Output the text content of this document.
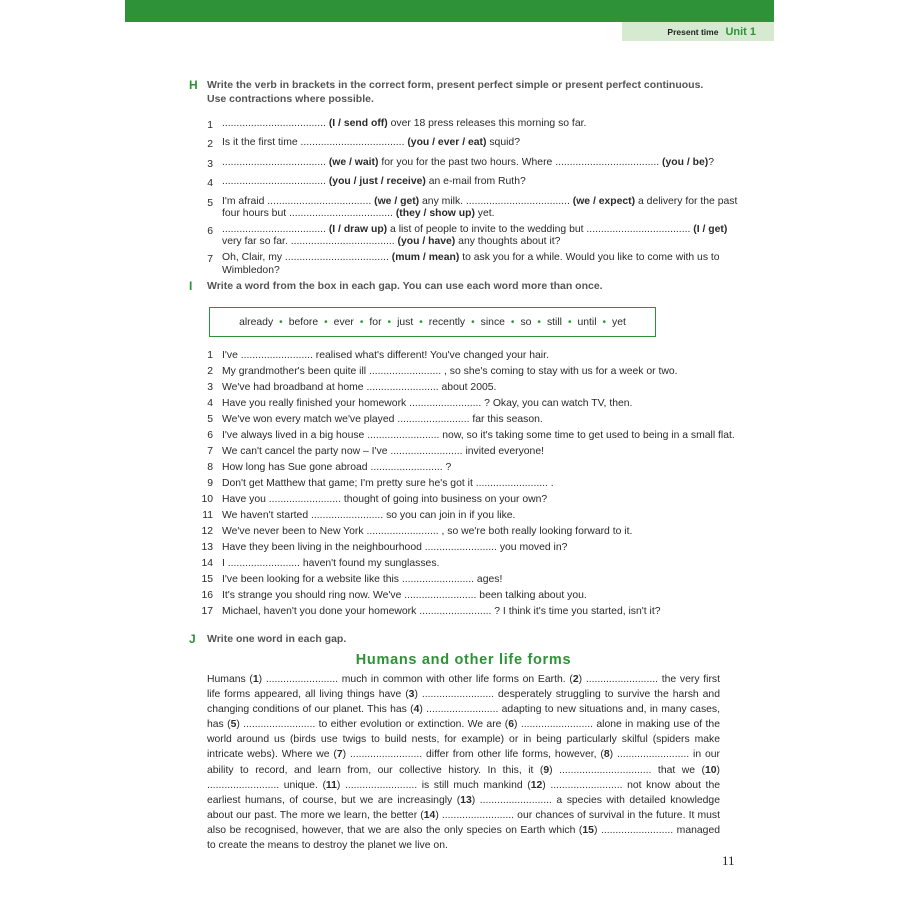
Present time Unit 1
H Write the verb in brackets in the correct form, present perfect simple or present perfect continuous. Use contractions where possible.
1 .................................... (I / send off) over 18 press releases this morning so far.
2 Is it the first time .................................... (you / ever / eat) squid?
3 .................................... (we / wait) for you for the past two hours. Where .................................... (you / be)?
4 .................................... (you / just / receive) an e-mail from Ruth?
5 I'm afraid .................................... (we / get) any milk. .................................... (we / expect) a delivery for the past four hours but .................................... (they / show up) yet.
6 .................................... (I / draw up) a list of people to invite to the wedding but .................................... (I / get) very far so far. .................................... (you / have) any thoughts about it?
7 Oh, Clair, my .................................... (mum / mean) to ask you for a while. Would you like to come with us to Wimbledon?
I Write a word from the box in each gap. You can use each word more than once.
already • before • ever • for • just • recently • since • so • still • until • yet
1 I've ......................... realised what's different! You've changed your hair.
2 My grandmother's been quite ill ......................... , so she's coming to stay with us for a week or two.
3 We've had broadband at home ......................... about 2005.
4 Have you really finished your homework ......................... ? Okay, you can watch TV, then.
5 We've won every match we've played ......................... far this season.
6 I've always lived in a big house ......................... now, so it's taking some time to get used to being in a small flat.
7 We can't cancel the party now – I've ......................... invited everyone!
8 How long has Sue gone abroad ......................... ?
9 Don't get Matthew that game; I'm pretty sure he's got it ......................... .
10 Have you ......................... thought of going into business on your own?
11 We haven't started ......................... so you can join in if you like.
12 We've never been to New York ......................... , so we're both really looking forward to it.
13 Have they been living in the neighbourhood ......................... you moved in?
14 I ......................... haven't found my sunglasses.
15 I've been looking for a website like this ......................... ages!
16 It's strange you should ring now. We've ......................... been talking about you.
17 Michael, haven't you done your homework ......................... ? I think it's time you started, isn't it?
J Write one word in each gap.
Humans and other life forms
Humans (1) ......................... much in common with other life forms on Earth. (2) ......................... the very first life forms appeared, all living things have (3) ......................... desperately struggling to survive the harsh and changing conditions of our planet. This has (4) ......................... adapting to new situations and, in many cases, has (5) ......................... to either evolution or extinction. We are (6) ......................... alone in making use of the world around us (birds use twigs to build nests, for example) or in being particularly skilful (spiders make intricate webs). Where we (7) ......................... differ from other life forms, however, (8) ......................... in our ability to record, and learn from, our collective history. In this, it (9) ................................ that we (10) ......................... unique. (11) ......................... is still much mankind (12) ......................... not know about the earliest humans, of course, but we are increasingly (13) ......................... a species with detailed knowledge about our past. The more we learn, the better (14) ......................... our chances of survival in the future. It must also be recognised, however, that we are also the only species on Earth which (15) ......................... managed to create the means to destroy the planet we live on.
11
